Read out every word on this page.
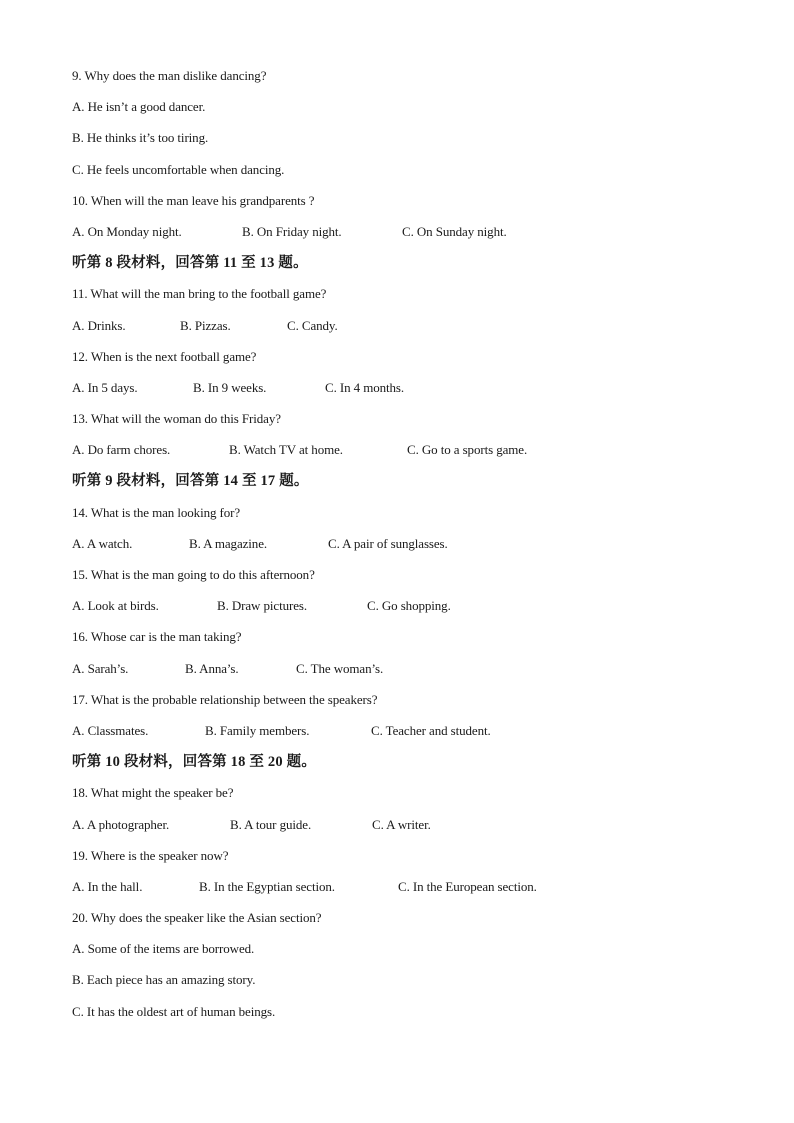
9. Why does the man dislike dancing?
A. He isn’t a good dancer.
B. He thinks it’s too tiring.
C. He feels uncomfortable when dancing.
10. When will the man leave his grandparents ?
A. On Monday night.	B. On Friday night.	C. On Sunday night.
听第 8 段材料，回答第 11 至 13 题。
11. What will the man bring to the football game?
A. Drinks.	B. Pizzas.	C. Candy.
12. When is the next football game?
A. In 5 days.	B. In 9 weeks.	C. In 4 months.
13. What will the woman do this Friday?
A. Do farm chores.	B. Watch TV at home.	C. Go to a sports game.
听第 9 段材料，回答第 14 至 17 题。
14. What is the man looking for?
A. A watch.	B. A magazine.	C. A pair of sunglasses.
15. What is the man going to do this afternoon?
A. Look at birds.	B. Draw pictures.	C. Go shopping.
16. Whose car is the man taking?
A. Sarah’s.	B. Anna’s.	C. The woman’s.
17. What is the probable relationship between the speakers?
A. Classmates.	B. Family members.	C. Teacher and student.
听第 10 段材料，回答第 18 至 20 题。
18. What might the speaker be?
A. A photographer.	B. A tour guide.	C. A writer.
19. Where is the speaker now?
A. In the hall.	B. In the Egyptian section.	C. In the European section.
20. Why does the speaker like the Asian section?
A. Some of the items are borrowed.
B. Each piece has an amazing story.
C. It has the oldest art of human beings.
